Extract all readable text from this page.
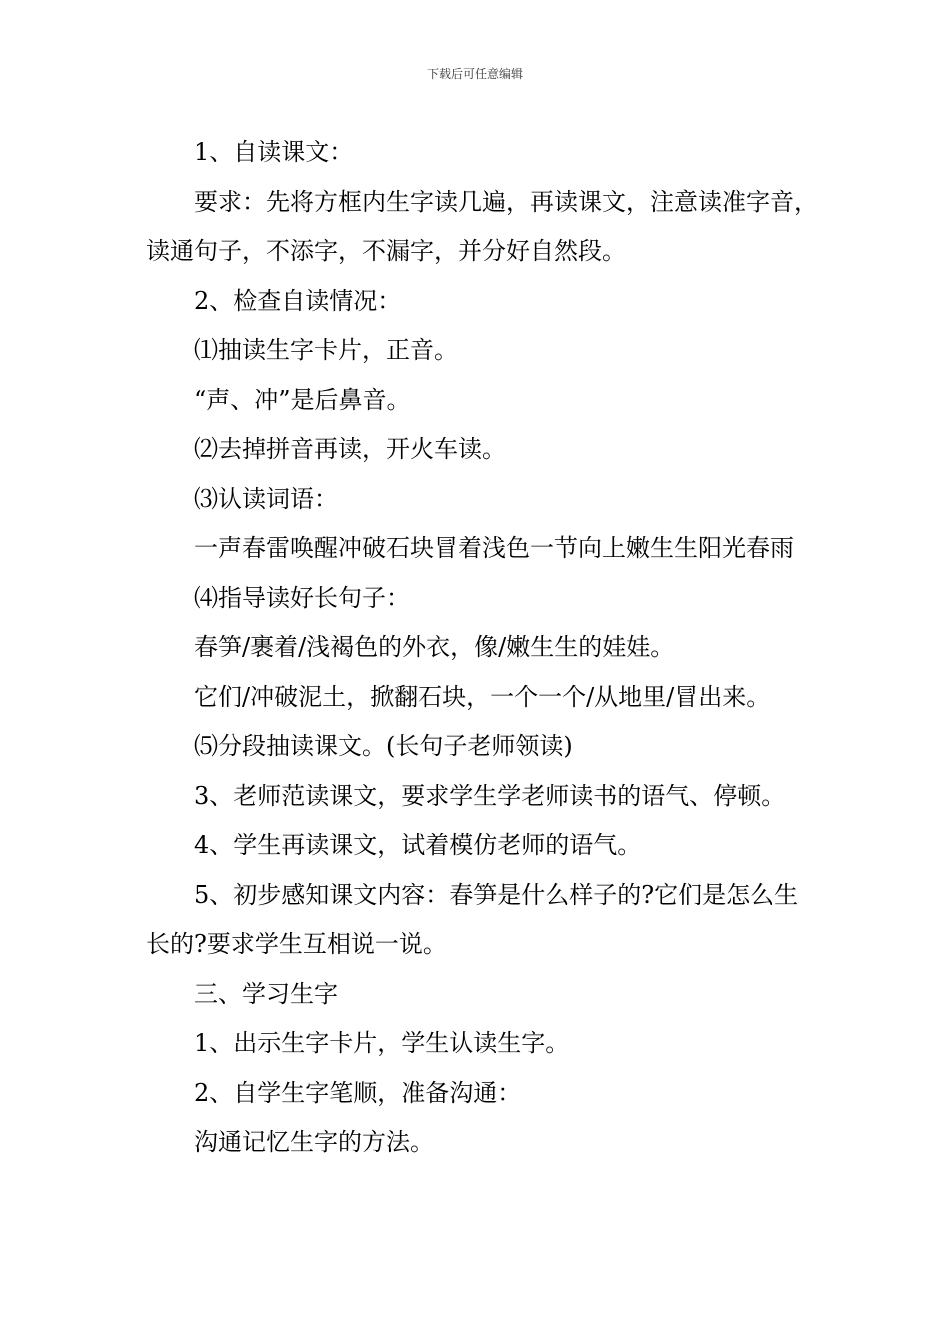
下载后可任意编辑

1、自读课文：

要求：先将方框内生字读几遍，再读课文，注意读准字音，读通句子，不添字，不漏字，并分好自然段。

2、检查自读情况：

⑴抽读生字卡片，正音。

“声、冲”是后鼻音。

⑵去掉拼音再读，开火车读。

⑶认读词语：

一声春雷唤醒冲破石块冒着浅色一节向上嫩生生阳光春雨

⑷指导读好长句子：

春笋/裹着/浅褐色的外衣，像/嫩生生的娃娃。

它们/冲破泥土，掀翻石块，一个一个/从地里/冒出来。

⑸分段抽读课文。(长句子老师领读)

3、老师范读课文，要求学生学老师读书的语气、停顿。

4、学生再读课文，试着模仿老师的语气。

5、初步感知课文内容：春笋是什么样子的?它们是怎么生长的?要求学生互相说一说。

三、学习生字

1、出示生字卡片，学生认读生字。

2、自学生字笔顺，准备沟通：

沟通记忆生字的方法。
